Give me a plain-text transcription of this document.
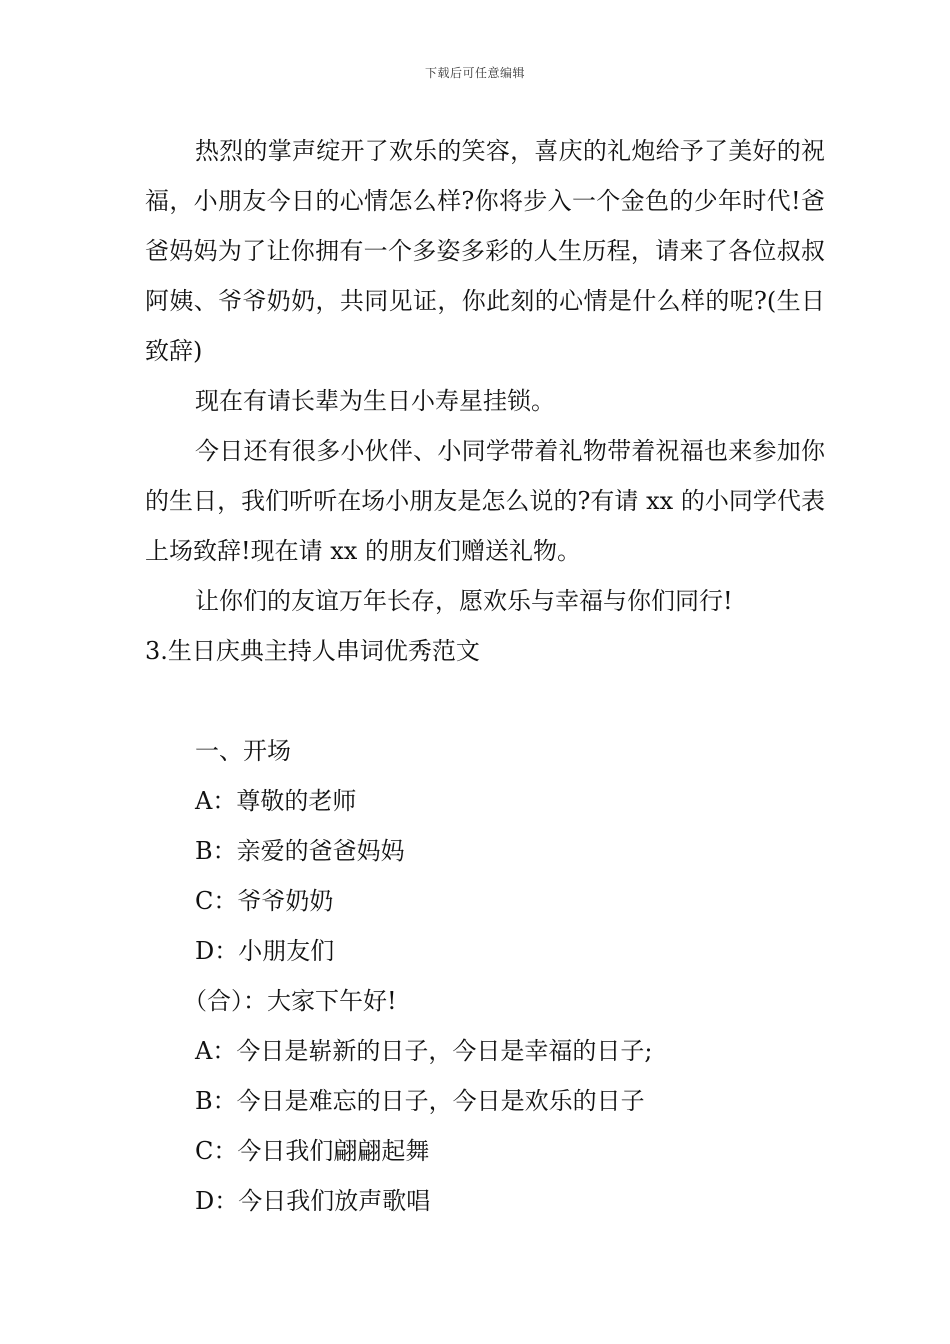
下载后可任意编辑

热烈的掌声绽开了欢乐的笑容，喜庆的礼炮给予了美好的祝福，小朋友今日的心情怎么样?你将步入一个金色的少年时代!爸爸妈妈为了让你拥有一个多姿多彩的人生历程，请来了各位叔叔阿姨、爷爷奶奶，共同见证，你此刻的心情是什么样的呢?(生日致辞)

现在有请长辈为生日小寿星挂锁。

今日还有很多小伙伴、小同学带着礼物带着祝福也来参加你的生日，我们听听在场小朋友是怎么说的?有请 xx 的小同学代表上场致辞!现在请 xx 的朋友们赠送礼物。

让你们的友谊万年长存，愿欢乐与幸福与你们同行!

3.生日庆典主持人串词优秀范文

一、开场

A：尊敬的老师

B：亲爱的爸爸妈妈

C：爷爷奶奶

D：小朋友们

（合）：大家下午好!

A：今日是崭新的日子，今日是幸福的日子;

B：今日是难忘的日子，今日是欢乐的日子

C：今日我们翩翩起舞

D：今日我们放声歌唱
